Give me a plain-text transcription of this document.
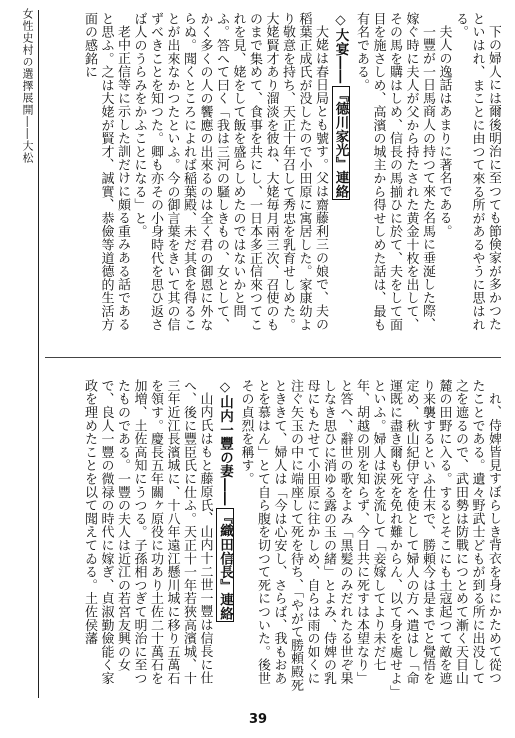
女性史村の選擇展開――大松	下の婦人には爾後明治に至つても節倹家が多かつたといはれ、まことに由つて來る所があるやうに思はれる。
夫人の逸話はあまりに著名である。
一豐が一日馬商人の持つて來た名馬に垂涎した際、嫁ぐ時に夫人が父から持たされた黄金十枚を出して、その馬を購はしめ、信長の馬揃ひに於て、夫をして面目を施さしめ、高濱の城主から得せしめた話は、最も有名である。
◇大宴――『德川家光』連絡
大姥は春日局とも號す。父は齋藤利三の娘で、夫の稻葉正成氏が没したので小田原に寓居した。家康幼より敬意を持ち、天正十年召して秀忠を乳育せしめた。大姥賢才あり溜淡を彼ね、大姥毎月兩三次、召使のものまで集めて、食事を共にし、一日本多正信來つてこれを見、姥をして飯を盛らしめたのではないかと問ふ。答へて曰く「我は三河の騒しきもの、女として、かく多くの人の饗應の出來るのは全く君の御恩に外ならぬ。聞くところによれば稲葉殿、未だ其食を得ることが出來なかつたといふ。今の御言葉をきいて其の信ずべきことを知つた。卿も亦その小身時代を思ひ返さば人のうらみをかふことになる」と。
老中正信等に示した訓だけに頗る重みある話であると思ふ。之は大姥が賢才、誠實、恭儉等道德的生活方面の感銘に
れ、侍婢皆見すぼらしき背衣を身にかためて從つたことである。遺々野武士どもが到る所に出没して之を遮るので、武田勢は防戰につとめて漸く天目山麓の田野に入る。するとそこにも土寇起つて敵を遮り来襲するといふ仕末で、勝頼今は是までと覺悟を定め、秋山紀伊守を使として婦人の方へ遣はし「命運既に盡き爾も死を免れ難からん、以て身を處せよ」といふ。婦人は涙を流して「妾嫁してより未だ七年、胡越の別を知らず、今日共に死すは本望なり」と答へ、辭世の歌をよみ「黒髪のみだれたる世ぞ果しなき思ひに消ゆる露の玉の緒」とよみ、侍婢の乳母にもたせて小田原に往かしめ、自らは雨の如くに注ぐ矢玉の中に端座して死を待ち、「やがて勝頼殿死とききて、婦人は「今は心安し、さらば、我もおあとを慕はん」とて自ら腹を切つて死についた。後世その貞烈を稱す。
◇山内一豐の妻――『織田信長』連絡
山内氏はもと藤原氏、山内十二世一豐は信長に仕へ、後に豐臣氏に仕ふ。天正十一年若狹高濱城、十三年近江長濱城に、十八年遠江懸川城に移り五萬石を領す。慶長五年關ヶ原役に功あり土佐二十萬石を加増、土佐高知にうつる。子孫相つぎて明治に至つたものである。一豐の夫人は近江の若宮友興の女で、良人一豐の微禄の時代に嫁ぎ、貞淑勤儉能く家政を理めたことを以て聞えてゐる。土佐侯藩
39
